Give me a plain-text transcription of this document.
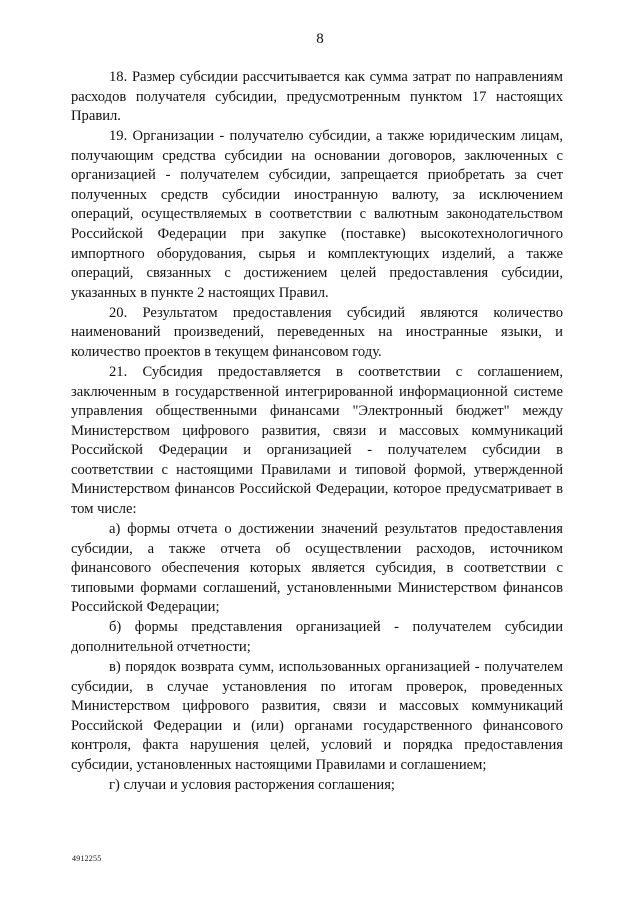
8

18. Размер субсидии рассчитывается как сумма затрат по направлениям расходов получателя субсидии, предусмотренным пунктом 17 настоящих Правил.

19. Организации - получателю субсидии, а также юридическим лицам, получающим средства субсидии на основании договоров, заключенных с организацией - получателем субсидии, запрещается приобретать за счет полученных средств субсидии иностранную валюту, за исключением операций, осуществляемых в соответствии с валютным законодательством Российской Федерации при закупке (поставке) высокотехнологичного импортного оборудования, сырья и комплектующих изделий, а также операций, связанных с достижением целей предоставления субсидии, указанных в пункте 2 настоящих Правил.

20. Результатом предоставления субсидий являются количество наименований произведений, переведенных на иностранные языки, и количество проектов в текущем финансовом году.

21. Субсидия предоставляется в соответствии с соглашением, заключенным в государственной интегрированной информационной системе управления общественными финансами "Электронный бюджет" между Министерством цифрового развития, связи и массовых коммуникаций Российской Федерации и организацией - получателем субсидии в соответствии с настоящими Правилами и типовой формой, утвержденной Министерством финансов Российской Федерации, которое предусматривает в том числе:

а) формы отчета о достижении значений результатов предоставления субсидии, а также отчета об осуществлении расходов, источником финансового обеспечения которых является субсидия, в соответствии с типовыми формами соглашений, установленными Министерством финансов Российской Федерации;

б) формы представления организацией - получателем субсидии дополнительной отчетности;

в) порядок возврата сумм, использованных организацией - получателем субсидии, в случае установления по итогам проверок, проведенных Министерством цифрового развития, связи и массовых коммуникаций Российской Федерации и (или) органами государственного финансового контроля, факта нарушения целей, условий и порядка предоставления субсидии, установленных настоящими Правилами и соглашением;

г) случаи и условия расторжения соглашения;

4912255
